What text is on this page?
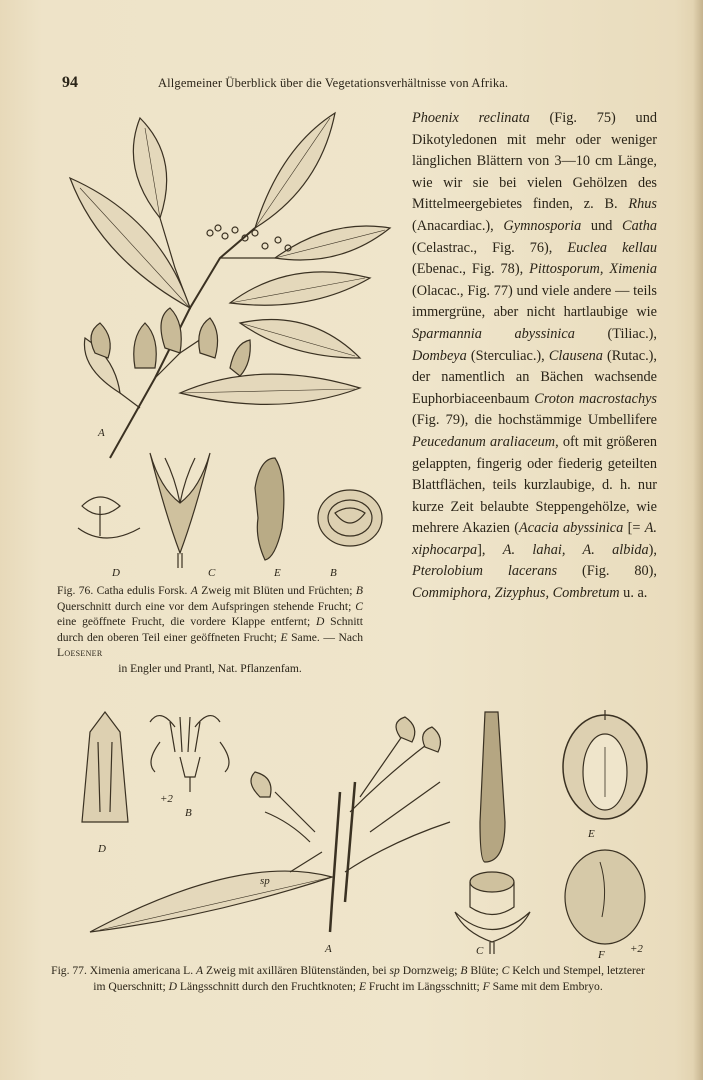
94	Allgemeiner Überblick über die Vegetationsverhältnisse von Afrika.
A
D	C	E	B
Phoenix reclinata (Fig. 75) und Dikotyledonen mit mehr oder weniger länglichen Blättern von 3—10 cm Länge, wie wir sie bei vielen Gehölzen des Mittelmeergebietes finden, z. B. Rhus (Anacardiac.), Gymnosporia und Catha (Celastrac., Fig. 76), Euclea kellau (Ebenac., Fig. 78), Pittosporum, Ximenia (Olacac., Fig. 77) und viele andere — teils immergrüne, aber nicht hartlaubige wie Sparmannia abyssinica (Tiliac.), Dombeya (Sterculiac.), Clausena (Rutac.), der namentlich an Bächen wachsende Euphorbiaceenbaum Croton macrostachys (Fig. 79), die hochstämmige Umbellifere Peucedanum araliaceum, oft mit größeren gelappten, fingerig oder fiederig geteilten Blattflächen, teils kurzlaubige, d. h. nur kurze Zeit belaubte Steppengehölze, wie mehrere Akazien (Acacia abyssinica [= A. xiphocarpa], A. lahai, A. albida), Pterolobium lacerans (Fig. 80), Commiphora, Zizyphus, Combretum u. a.
Fig. 76. Catha edulis Forsk. A Zweig mit Blüten und Früchten; B Querschnitt durch eine vor dem Aufspringen stehende Frucht; C eine geöffnete Frucht, die vordere Klappe entfernt; D Schnitt durch den oberen Teil einer geöffneten Frucht; E Same. — Nach Loesener
in Engler und Prantl, Nat. Pflanzenfam.
D
+2
B
sp
A	C
E
F +2
Fig. 77. Ximenia americana L. A Zweig mit axillären Blütenständen, bei sp Dornzweig; B Blüte; C Kelch und Stempel, letzterer im Querschnitt; D Längsschnitt durch den Fruchtknoten; E Frucht im Längsschnitt; F Same mit dem Embryo.
